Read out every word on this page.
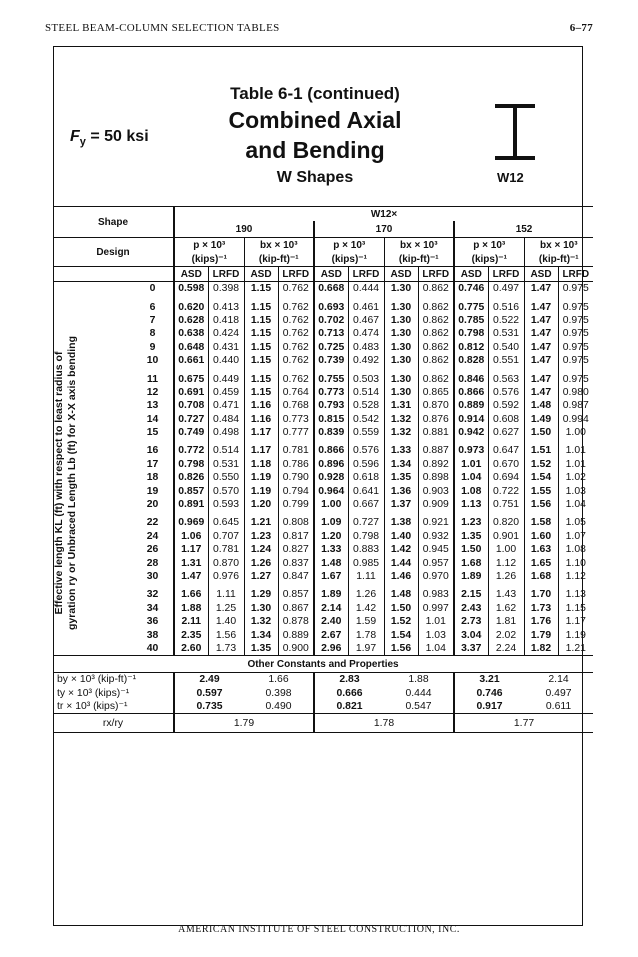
STEEL BEAM-COLUMN SELECTION TABLES	6–77
$F_y = 50$ ksi
Table 6-1 (continued)
Combined Axial
and Bending
W Shapes	W12
Effective length KL (ft) with respect to least radius of gyration ry or Unbraced Length Lb (ft) for X-X axis bending
Shape		W12×											
		190				170				152			
Design		p × 10³		bx × 10³		p × 10³		bx × 10³		p × 10³		bx × 10³	
		(kips)⁻¹		(kip-ft)⁻¹		(kips)⁻¹		(kip-ft)⁻¹		(kips)⁻¹		(kip-ft)⁻¹	
		ASD	LRFD	ASD	LRFD	ASD	LRFD	ASD	LRFD	ASD	LRFD	ASD	LRFD
	0	0.598	0.398	1.15	0.762	0.668	0.444	1.30	0.862	0.746	0.497	1.47	0.975

	6	0.620	0.413	1.15	0.762	0.693	0.461	1.30	0.862	0.775	0.516	1.47	0.975
	7	0.628	0.418	1.15	0.762	0.702	0.467	1.30	0.862	0.785	0.522	1.47	0.975
	8	0.638	0.424	1.15	0.762	0.713	0.474	1.30	0.862	0.798	0.531	1.47	0.975
	9	0.648	0.431	1.15	0.762	0.725	0.483	1.30	0.862	0.812	0.540	1.47	0.975
	10	0.661	0.440	1.15	0.762	0.739	0.492	1.30	0.862	0.828	0.551	1.47	0.975

	11	0.675	0.449	1.15	0.762	0.755	0.503	1.30	0.862	0.846	0.563	1.47	0.975
	12	0.691	0.459	1.15	0.764	0.773	0.514	1.30	0.865	0.866	0.576	1.47	0.980
	13	0.708	0.471	1.16	0.768	0.793	0.528	1.31	0.870	0.889	0.592	1.48	0.987
	14	0.727	0.484	1.16	0.773	0.815	0.542	1.32	0.876	0.914	0.608	1.49	0.994
	15	0.749	0.498	1.17	0.777	0.839	0.559	1.32	0.881	0.942	0.627	1.50	1.00

	16	0.772	0.514	1.17	0.781	0.866	0.576	1.33	0.887	0.973	0.647	1.51	1.01
	17	0.798	0.531	1.18	0.786	0.896	0.596	1.34	0.892	1.01	0.670	1.52	1.01
	18	0.826	0.550	1.19	0.790	0.928	0.618	1.35	0.898	1.04	0.694	1.54	1.02
	19	0.857	0.570	1.19	0.794	0.964	0.641	1.36	0.903	1.08	0.722	1.55	1.03
	20	0.891	0.593	1.20	0.799	1.00	0.667	1.37	0.909	1.13	0.751	1.56	1.04

	22	0.969	0.645	1.21	0.808	1.09	0.727	1.38	0.921	1.23	0.820	1.58	1.05
	24	1.06	0.707	1.23	0.817	1.20	0.798	1.40	0.932	1.35	0.901	1.60	1.07
	26	1.17	0.781	1.24	0.827	1.33	0.883	1.42	0.945	1.50	1.00	1.63	1.08
	28	1.31	0.870	1.26	0.837	1.48	0.985	1.44	0.957	1.68	1.12	1.65	1.10
	30	1.47	0.976	1.27	0.847	1.67	1.11	1.46	0.970	1.89	1.26	1.68	1.12

	32	1.66	1.11	1.29	0.857	1.89	1.26	1.48	0.983	2.15	1.43	1.70	1.13
	34	1.88	1.25	1.30	0.867	2.14	1.42	1.50	0.997	2.43	1.62	1.73	1.15
	36	2.11	1.40	1.32	0.878	2.40	1.59	1.52	1.01	2.73	1.81	1.76	1.17
	38	2.35	1.56	1.34	0.889	2.67	1.78	1.54	1.03	3.04	2.02	1.79	1.19
	40	2.60	1.73	1.35	0.900	2.96	1.97	1.56	1.04	3.37	2.24	1.82	1.21
Other Constants and Properties													
by × 10³ (kip-ft)⁻¹		2.49		1.66		2.83		1.88		3.21		2.14	
ty × 10³ (kips)⁻¹		0.597		0.398		0.666		0.444		0.746		0.497	
tr × 10³ (kips)⁻¹		0.735		0.490		0.821		0.547		0.917		0.611	
rx/ry		1.79				1.78				1.77			

AMERICAN INSTITUTE OF STEEL CONSTRUCTION, INC.
